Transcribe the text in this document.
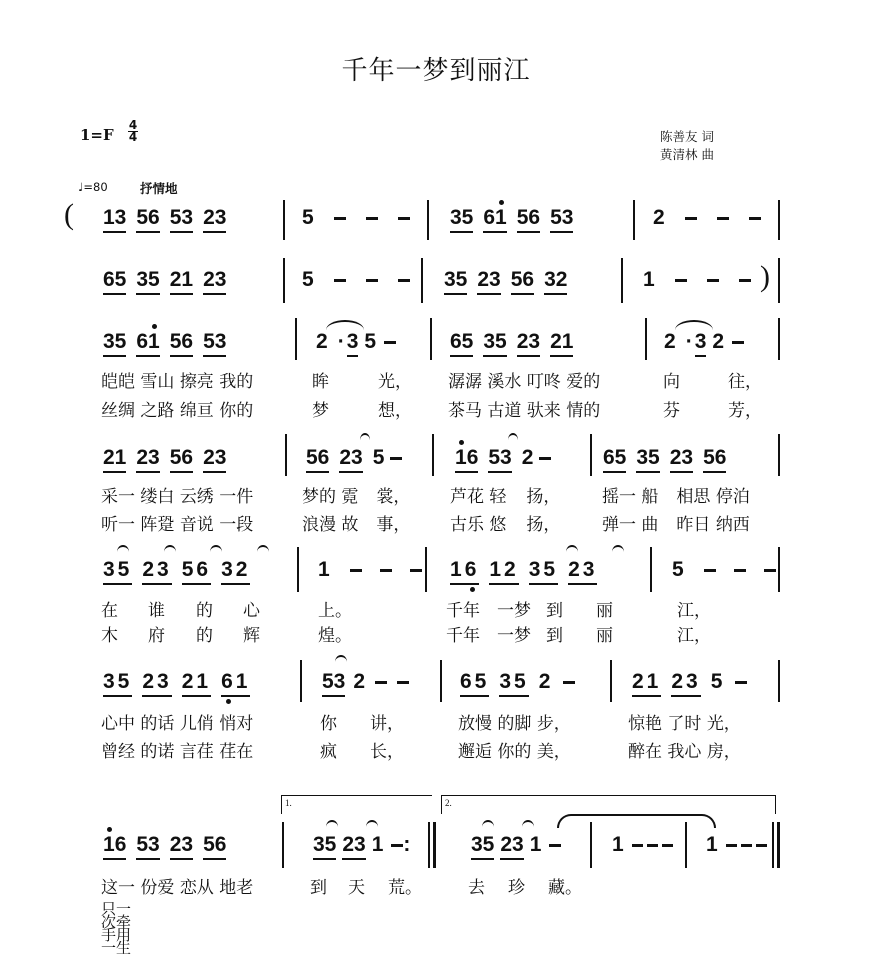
千年一梦到丽江
1=F
4
4	陈善友 词
黄清林 曲
♩=80	抒情地
( 13 56 53 23	5	35 61 56 53	2
65 35 21 23	5	35 23 56 32	1	)
35 61 56 53	2 ·3 5	65 35 23 21	2 ·3 2
皑皑 雪山 擦亮 我的	眸	光， 潺潺 溪水 叮咚 爱的	向	往，
丝绸 之路 绵亘 你的	梦	想， 茶马 古道 驮来 情的	芬	芳，
21 23 56 23	56 23 5	16 53 2	65 35 23 56
采一 缕白 云绣 一件	梦的 霓 裳， 芦花 轻 扬， 摇一 船 相思 停泊
听一 阵跫 音说 一段	浪漫 故 事， 古乐 悠 扬， 弹一 曲 昨日 纳西
35 23 56 32	1	16 12 35 23	5
在 谁 的 心	上。	千年 一梦 到 丽	江，
木 府 的 辉	煌。	千年 一梦 到 丽	江，
35 23 21 61	53 2	65 35 2	21 23 5
心中 的话 儿俏 悄对	你 讲，	放慢 的脚 步，	惊艳 了时 光，
曾经 的诺 言荏 荏在	疯 长，	邂逅 你的 美，	醉在 我心 房，
1.	2.
16 53 23 56	35 23 1 :	35 23 1	1	1
这一 份爱 恋从 地老	到 天 荒。	去 珍 藏。
只一
次牵
手用
一生
